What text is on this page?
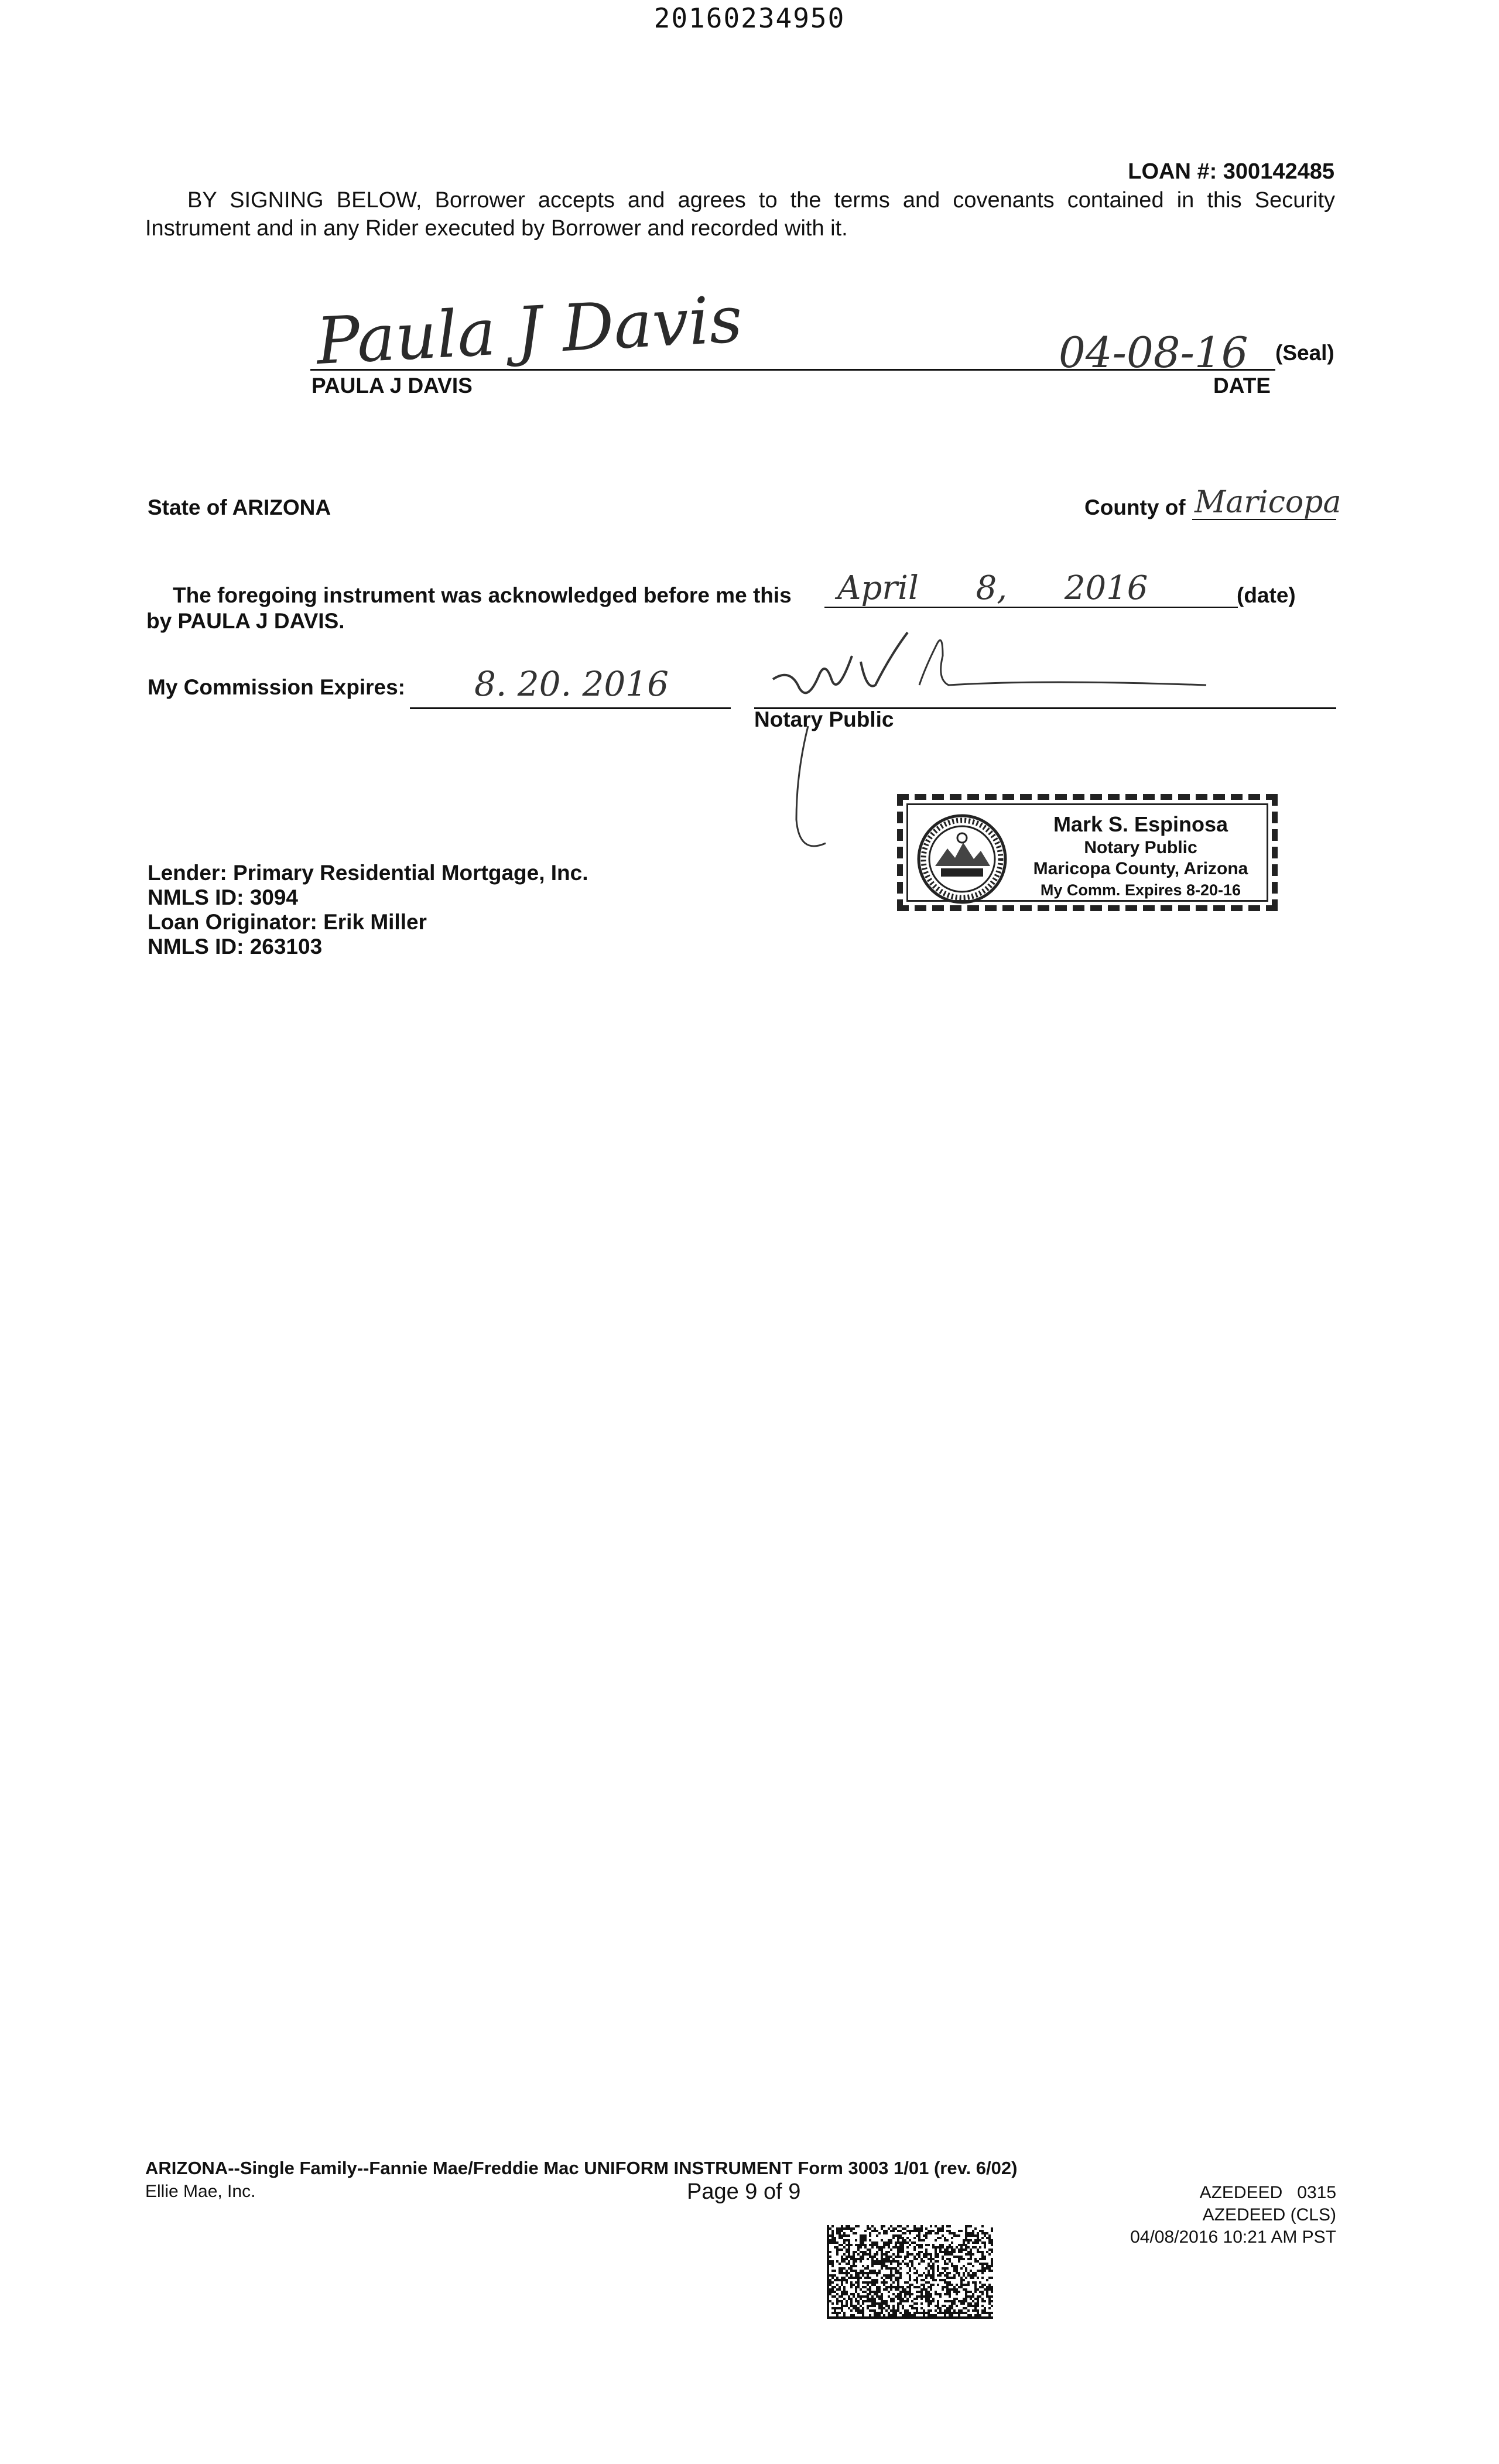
20160234950
LOAN #: 300142485
BY SIGNING BELOW, Borrower accepts and agrees to the terms and covenants contained in this Security Instrument and in any Rider executed by Borrower and recorded with it.
Paula J Davis	04-08-16 (Seal)
PAULA J DAVIS	DATE
State of ARIZONA	County of Maricopa
The foregoing instrument was acknowledged before me this April 8, 2016	(date)
by PAULA J DAVIS.
My Commission Expires: 8. 20. 2016
Notary Public
Mark S. Espinosa
Notary Public
Maricopa County, Arizona
My Comm. Expires 8-20-16
Lender: Primary Residential Mortgage, Inc.
NMLS ID: 3094
Loan Originator: Erik Miller
NMLS ID: 263103
ARIZONA--Single Family--Fannie Mae/Freddie Mac UNIFORM INSTRUMENT Form 3003 1/01 (rev. 6/02)
Ellie Mae, Inc.	Page 9 of 9	AZEDEED   0315
AZEDEED (CLS)
04/08/2016 10:21 AM PST
